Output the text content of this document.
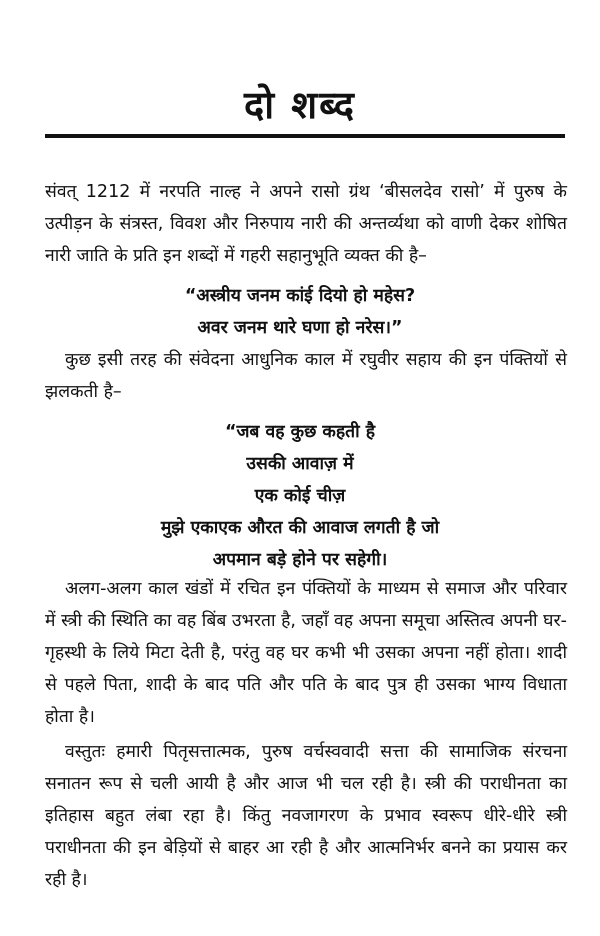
दो शब्द

संवत् 1212 में नरपति नाल्ह ने अपने रासो ग्रंथ ‘बीसलदेव रासो’ में पुरुष के उत्पीड़न के संत्रस्त, विवश और निरुपाय नारी की अन्तर्व्यथा को वाणी देकर शोषित नारी जाति के प्रति इन शब्दों में गहरी सहानुभूति व्यक्त की है–

“अस्त्रीय जनम कांई दियो हो महेस?
अवर जनम थारे घणा हो नरेस।”

कुछ इसी तरह की संवेदना आधुनिक काल में रघुवीर सहाय की इन पंक्तियों से झलकती है–

“जब वह कुछ कहती है
उसकी आवाज़ में
एक कोई चीज़
मुझे एकाएक औरत की आवाज लगती है जो
अपमान बड़े होने पर सहेगी।

अलग-अलग काल खंडों में रचित इन पंक्तियों के माध्यम से समाज और परिवार में स्त्री की स्थिति का वह बिंब उभरता है, जहाँ वह अपना समूचा अस्तित्व अपनी घर-गृहस्थी के लिये मिटा देती है, परंतु वह घर कभी भी उसका अपना नहीं होता। शादी से पहले पिता, शादी के बाद पति और पति के बाद पुत्र ही उसका भाग्य विधाता होता है।

वस्तुतः हमारी पितृसत्तात्मक, पुरुष वर्चस्ववादी सत्ता की सामाजिक संरचना सनातन रूप से चली आयी है और आज भी चल रही है। स्त्री की पराधीनता का इतिहास बहुत लंबा रहा है। किंतु नवजागरण के प्रभाव स्वरूप धीरे-धीरे स्त्री पराधीनता की इन बेड़ियों से बाहर आ रही है और आत्मनिर्भर बनने का प्रयास कर रही है।
